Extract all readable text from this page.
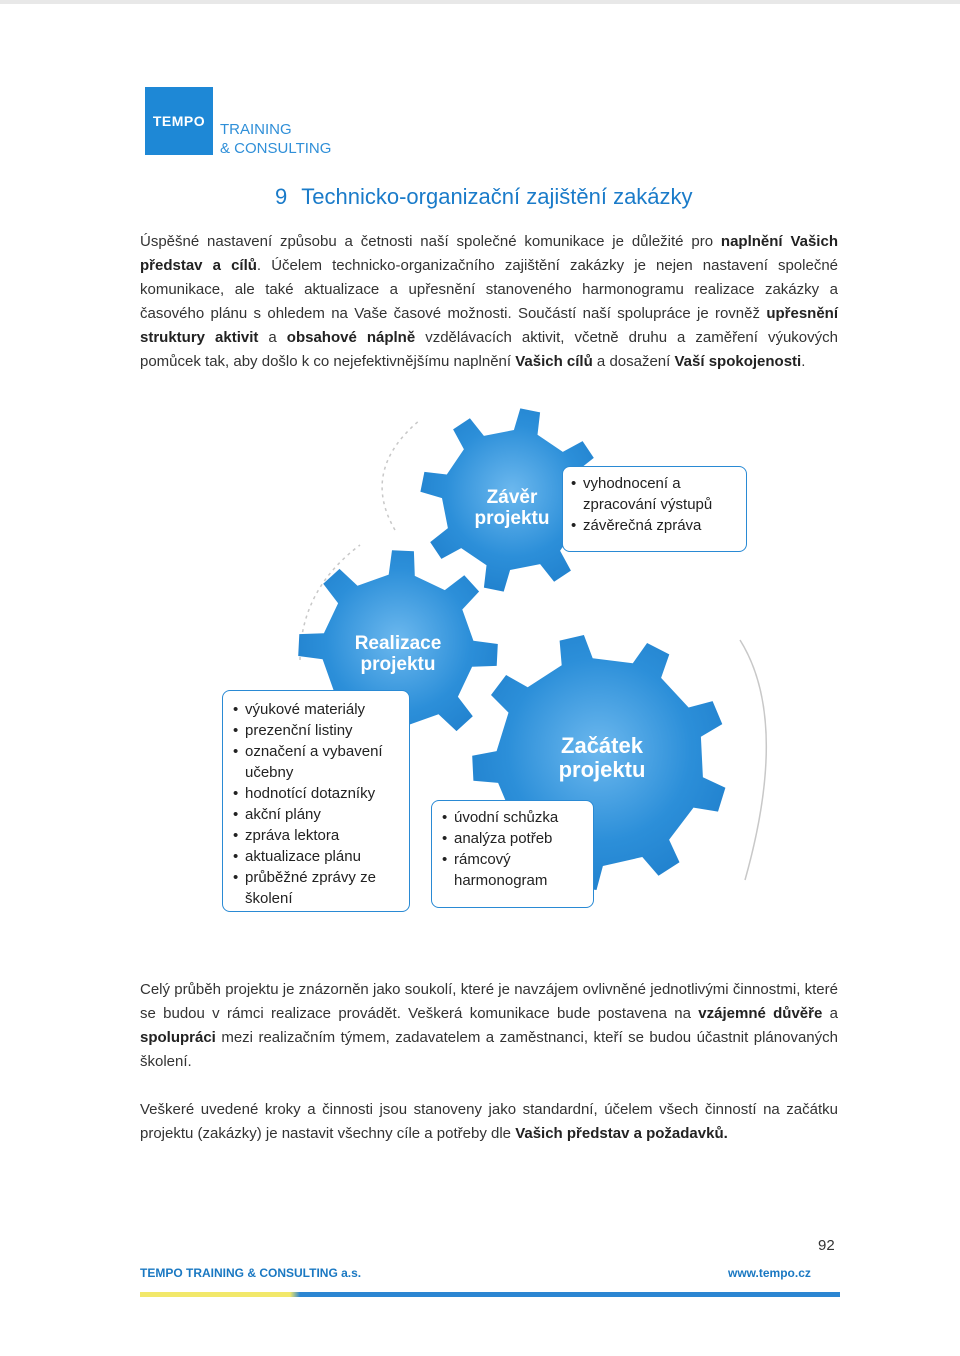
TEMPO TRAINING
& CONSULTING
9 Technicko-organizační zajištění zakázky
Úspěšné nastavení způsobu a četnosti naší společné komunikace je důležité pro naplnění Vašich představ a cílů. Účelem technicko-organizačního zajištění zakázky je nejen nastavení společné komunikace, ale také aktualizace a upřesnění stanoveného harmonogramu realizace zakázky a časového plánu s ohledem na Vaše časové možnosti. Součástí naší spolupráce je rovněž upřesnění struktury aktivit a obsahové náplně vzdělávacích aktivit, včetně druhu a zaměření výukových pomůcek tak, aby došlo k co nejefektivnějšímu naplnění Vašich cílů a dosažení Vaší spokojenosti.
Závěr projektu
Realizace projektu
Začátek projektu
• vyhodnocení a zpracování výstupů
• závěrečná zpráva
• výukové materiály
• prezenční listiny
• označení a vybavení učebny
• hodnotící dotazníky
• akční plány
• zpráva lektora
• aktualizace plánu
• průběžné zprávy ze školení
• úvodní schůzka
• analýza potřeb
• rámcový harmonogram
Celý průběh projektu je znázorněn jako soukolí, které je navzájem ovlivněné jednotlivými činnostmi, které se budou v rámci realizace provádět. Veškerá komunikace bude postavena na vzájemné důvěře a spolupráci mezi realizačním týmem, zadavatelem a zaměstnanci, kteří se budou účastnit plánovaných školení.
Veškeré uvedené kroky a činnosti jsou stanoveny jako standardní, účelem všech činností na začátku projektu (zakázky) je nastavit všechny cíle a potřeby dle Vašich představ a požadavků.
92
TEMPO TRAINING & CONSULTING a.s.	www.tempo.cz
